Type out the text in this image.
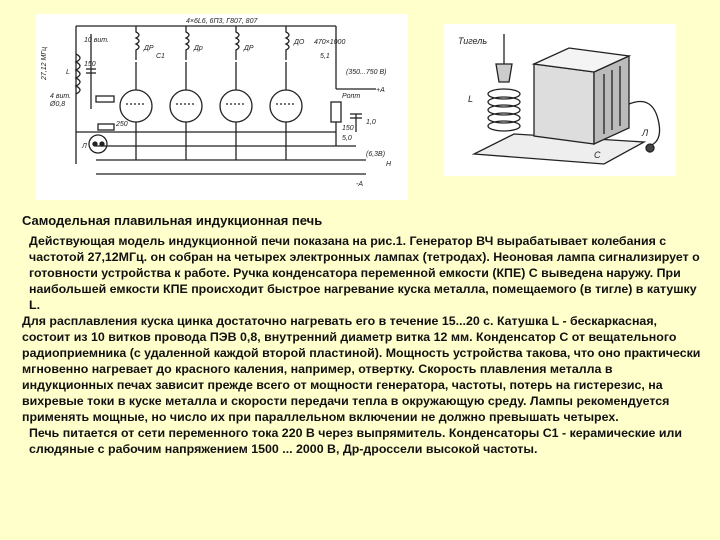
4×6L6, 6П3, Г807, 807
27,12 МГц
10 вит.
150
ДР
C1
Др	ДР
ДО 470×1000
5,1
L	(350...750 В)
+A
Ропт
150
5,0
1,0
(6,3В)
H
-A
250
Л
4 вит.
Ø0,8
Тигель
L
C
Л
Самодельная плавильная индукционная печь
Действующая модель индукционной печи показана на рис.1. Генератор ВЧ вырабатывает колебания с частотой 27,12МГц. он собран на четырех электронных лампах (тетродах). Неоновая лампа сигнализирует о готовности устройства к работе. Ручка конденсатора переменной емкости (КПЕ) С выведена наружу. При наибольшей емкости КПЕ происходит быстрое нагревание куска металла, помещаемого (в тигле) в катушку L.
Для расплавления куска цинка достаточно нагревать его в течение 15...20 с. Катушка L - бескаркасная, состоит из 10 витков провода ПЭВ 0,8, внутренний диаметр витка 12 мм. Конденсатор С от вещательного радиоприемника (с удаленной каждой второй пластиной). Мощность устройства такова, что оно практически мгновенно нагревает до красного каления, например, отвертку. Скорость плавления металла в индукционных печах зависит прежде всего от мощности генератора, частоты, потерь на гистерезис, на вихревые токи в куске металла и скорости передачи тепла в окружающую среду. Лампы рекомендуется применять мощные, но число их при параллельном включении не должно превышать четырех.
Печь питается от сети переменного тока 220 В через выпрямитель. Конденсаторы С1 - керамические или слюдяные с рабочим напряжением 1500 ... 2000 В, Др-дроссели высокой частоты.
